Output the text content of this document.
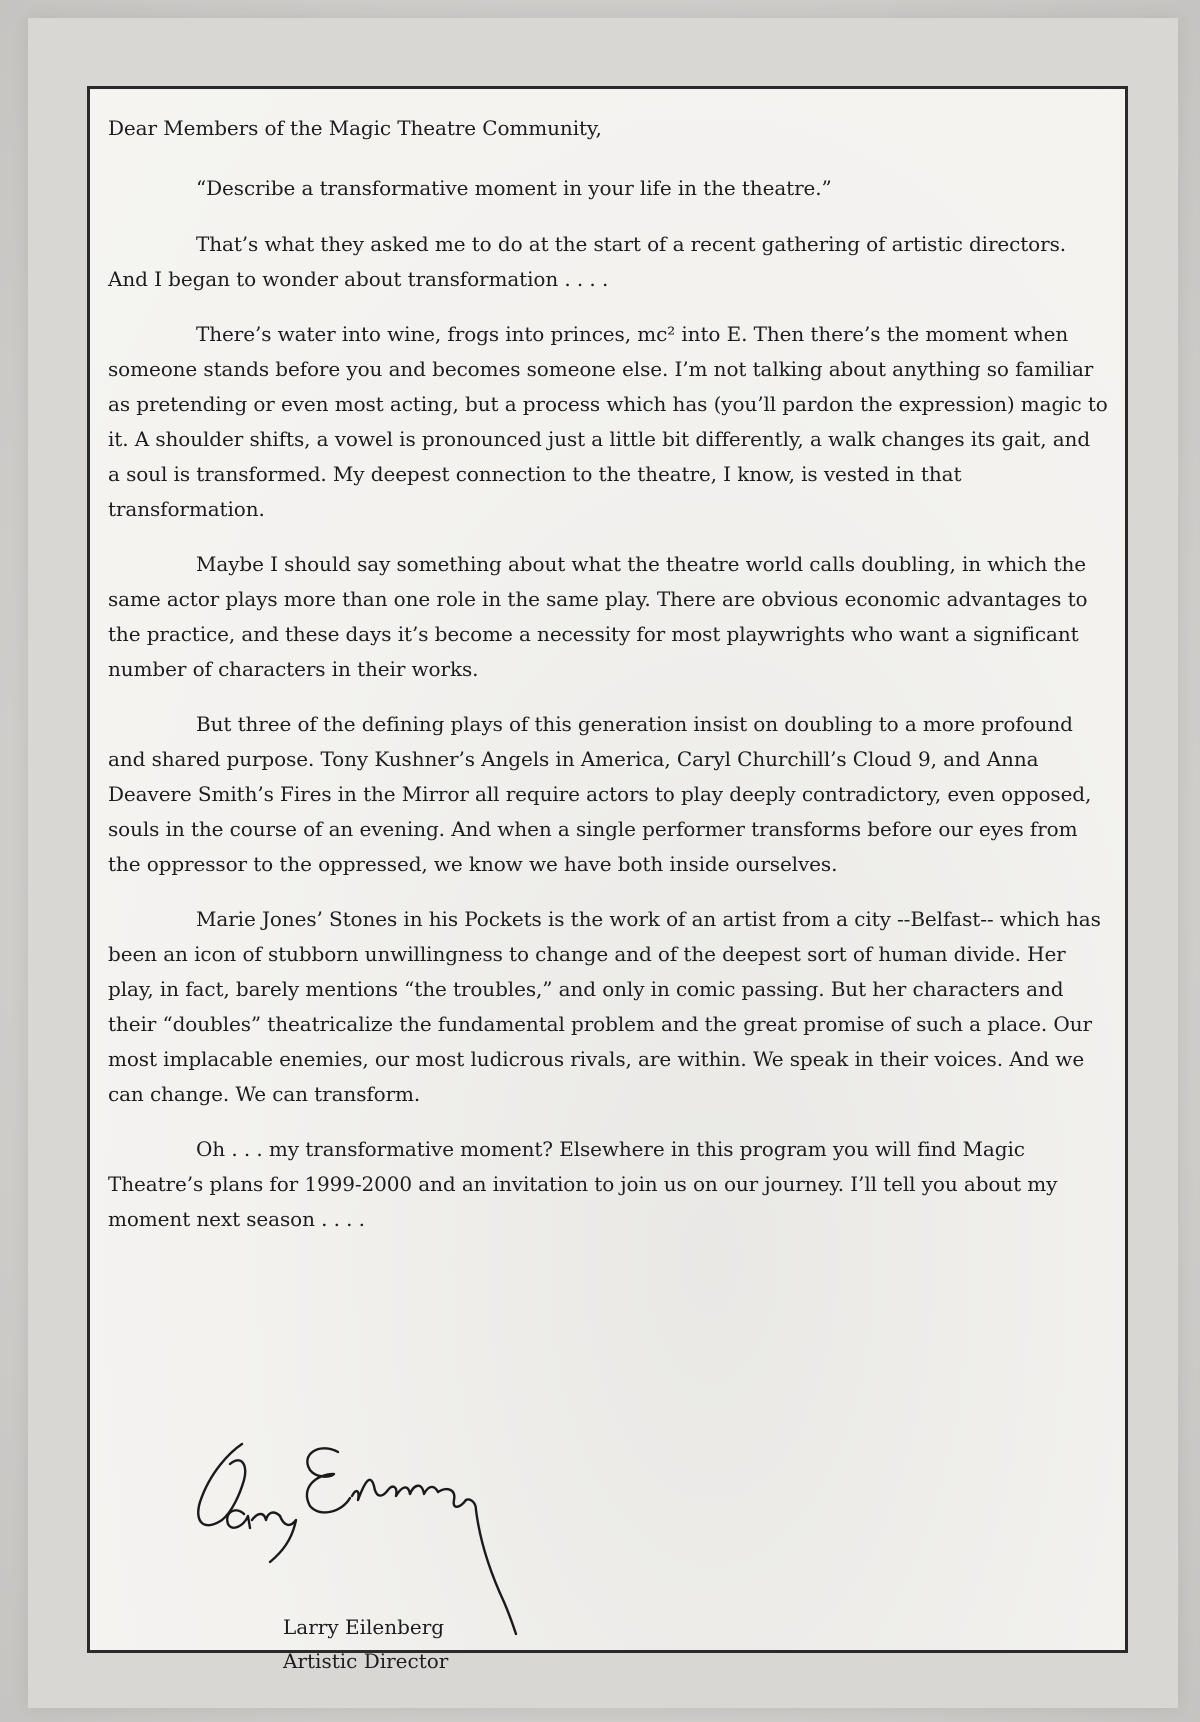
Dear Members of the Magic Theatre Community,

“Describe a transformative moment in your life in the theatre.”

That’s what they asked me to do at the start of a recent gathering of artistic directors. And I began to wonder about transformation . . . .

There’s water into wine, frogs into princes, mc² into E. Then there’s the moment when someone stands before you and becomes someone else. I’m not talking about anything so familiar as pretending or even most acting, but a process which has (you’ll pardon the expression) magic to it. A shoulder shifts, a vowel is pronounced just a little bit differently, a walk changes its gait, and a soul is transformed. My deepest connection to the theatre, I know, is vested in that transformation.

Maybe I should say something about what the theatre world calls doubling, in which the same actor plays more than one role in the same play. There are obvious economic advantages to the practice, and these days it’s become a necessity for most playwrights who want a significant number of characters in their works.

But three of the defining plays of this generation insist on doubling to a more profound and shared purpose. Tony Kushner’s Angels in America, Caryl Churchill’s Cloud 9, and Anna Deavere Smith’s Fires in the Mirror all require actors to play deeply contradictory, even opposed, souls in the course of an evening. And when a single performer transforms before our eyes from the oppressor to the oppressed, we know we have both inside ourselves.

Marie Jones’ Stones in his Pockets is the work of an artist from a city --Belfast-- which has been an icon of stubborn unwillingness to change and of the deepest sort of human divide. Her play, in fact, barely mentions “the troubles,” and only in comic passing. But her characters and their “doubles” theatricalize the fundamental problem and the great promise of such a place. Our most implacable enemies, our most ludicrous rivals, are within. We speak in their voices. And we can change. We can transform.

Oh . . . my transformative moment? Elsewhere in this program you will find Magic Theatre’s plans for 1999-2000 and an invitation to join us on our journey. I’ll tell you about my moment next season . . . .

Larry Eilenberg
Artistic Director
